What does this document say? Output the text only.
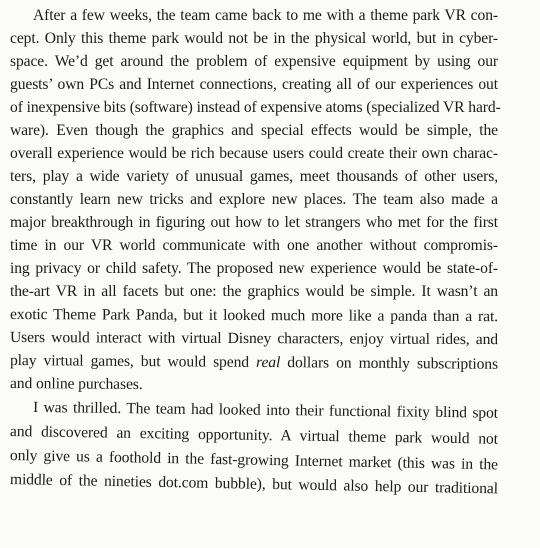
After a few weeks, the team came back to me with a theme park VR con-
cept. Only this theme park would not be in the physical world, but in cyber-
space. We’d get around the problem of expensive equipment by using our
guests’ own PCs and Internet connections, creating all of our experiences out
of inexpensive bits (software) instead of expensive atoms (specialized VR hard-
ware). Even though the graphics and special effects would be simple, the
overall experience would be rich because users could create their own charac-
ters, play a wide variety of unusual games, meet thousands of other users,
constantly learn new tricks and explore new places. The team also made a
major breakthrough in figuring out how to let strangers who met for the first
time in our VR world communicate with one another without compromis-
ing privacy or child safety. The proposed new experience would be state-of-
the-art VR in all facets but one: the graphics would be simple. It wasn’t an
exotic Theme Park Panda, but it looked much more like a panda than a rat.
Users would interact with virtual Disney characters, enjoy virtual rides, and
play virtual games, but would spend real dollars on monthly subscriptions
and online purchases.
I was thrilled. The team had looked into their functional fixity blind spot
and discovered an exciting opportunity. A virtual theme park would not
only give us a foothold in the fast-growing Internet market (this was in the
middle of the nineties dot.com bubble), but would also help our traditional
